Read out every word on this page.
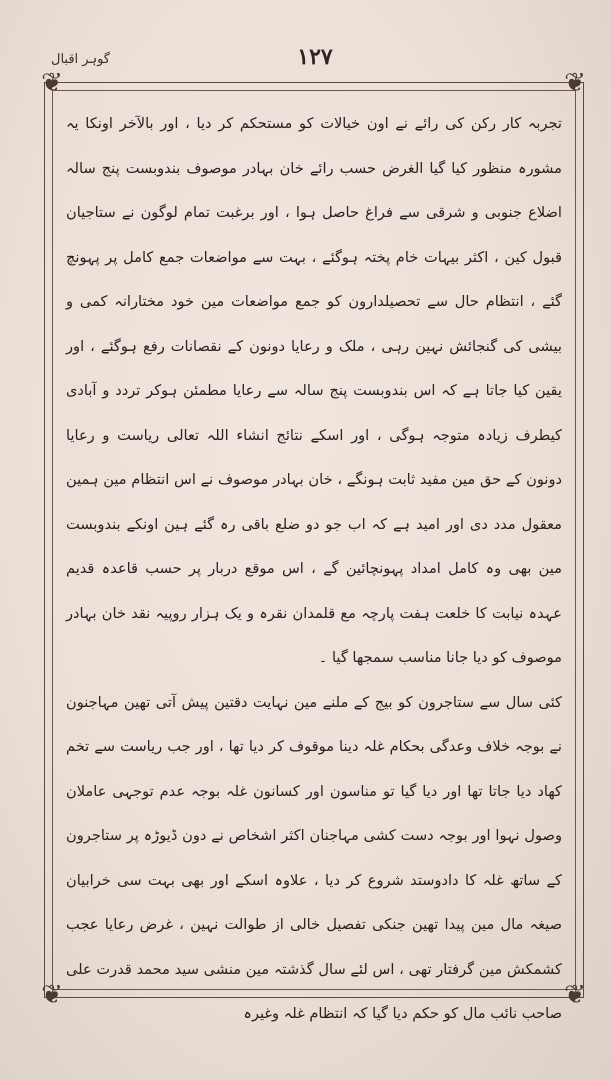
گوہر اقبال	۱۲۷
❦	❦
❦	❦

تجربہ کار رکن کی رائے نے اون خیالات کو مستحکم کر دیا ، اور بالآخر اونکا یہ مشورہ منظور کیا گیا الغرض حسب رائے خان بہادر موصوف بندوبست پنج سالہ اضلاع جنوبی و شرقی سے فراغ حاصل ہوا ، اور برغبت تمام لوگون نے ستاجیان قبول کین ، اکثر بیہات خام پختہ ہوگئے ، بہت سے مواضعات جمع کامل پر پہونچ گئے ، انتظام حال سے تحصیلدارون کو جمع مواضعات مین خود مختارانہ کمی و بیشی کی گنجائش نہین رہی ، ملک و رعایا دونون کے نقصانات رفع ہوگئے ، اور یقین کیا جاتا ہے کہ اس بندوبست پنج سالہ سے رعایا مطمئن ہوکر تردد و آبادی کیطرف زیادہ متوجہ ہوگی ، اور اسکے نتائج انشاء اللہ تعالی ریاست و رعایا دونون کے حق مین مفید ثابت ہونگے ، خان بہادر موصوف نے اس انتظام مین ہمین معقول مدد دی اور امید ہے کہ اب جو دو ضلع باقی رہ گئے ہین اونکے بندوبست مین بھی وہ کامل امداد پہونچائین گے ، اس موقع دربار پر حسب قاعدہ قدیم عہدہ نیابت کا خلعت ہفت پارچہ مع قلمدان نقرہ و یک ہزار روپیہ نقد خان بہادر موصوف کو دیا جانا مناسب سمجھا گیا ۔

کئی سال سے ستاجرون کو بیج کے ملنے مین نہایت دقتین پیش آتی تھین مہاجنون نے بوجہ خلاف وعدگی بحکام غلہ دینا موقوف کر دیا تھا ، اور جب ریاست سے تخم کھاد دیا جاتا تھا اور دیا گیا تو مناسون اور کسانون غلہ بوجہ عدم توجہی عاملان وصول نہوا اور بوجہ دست کشی مہاجنان اکثر اشخاص نے دون ڈیوڑہ پر ستاجرون کے ساتھ غلہ کا دادوستد شروع کر دیا ، علاوہ اسکے اور بھی بہت سی خرابیان صیغہ مال مین پیدا تھین جنکی تفصیل خالی از طوالت نہین ، غرض رعایا عجب کشمکش مین گرفتار تھی ، اس لئے سال گذشتہ مین منشی سید محمد قدرت علی صاحب نائب مال کو حکم دیا گیا کہ انتظام غلہ وغیرہ
